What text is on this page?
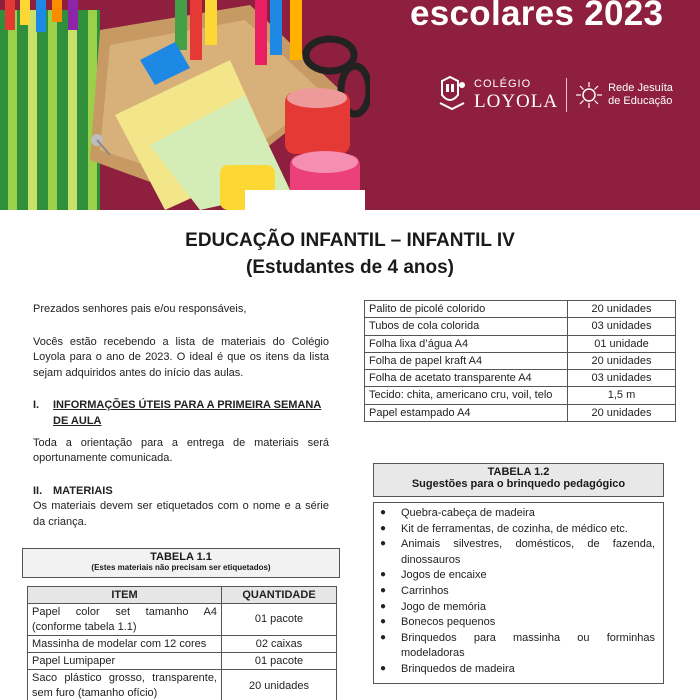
escolares 2023
COLÉGIO
LOYOLA
Rede Jesuíta
de Educação
EDUCAÇÃO INFANTIL – INFANTIL IV
(Estudantes de 4 anos)

Prezados senhores pais e/ou responsáveis,

Vocês estão recebendo a lista de materiais do Colégio Loyola para o ano de 2023. O ideal é que os itens da lista sejam adquiridos antes do início das aulas.

I.	INFORMAÇÕES ÚTEIS PARA A PRIMEIRA SEMANA DE AULA

Toda a orientação para a entrega de materiais será oportunamente comunicada.

II. MATERIAIS

Os materiais devem ser etiquetados com o nome e a série da criança.

TABELA 1.1
(Estes materiais não precisam ser etiquetados)
ITEM	QUANTIDADE
Papel color set tamanho A4 (conforme tabela 1.1)	01 pacote
Massinha de modelar com 12 cores	02 caixas
Papel Lumipaper	01 pacote
Saco plástico grosso, transparente, sem furo (tamanho ofício)	20 unidades
Palito de picolé colorido	20 unidades
Tubos de cola colorida	03 unidades
Folha lixa d’água A4	01 unidade
Folha de papel kraft A4	20 unidades
Folha de acetato transparente A4	03 unidades
Tecido: chita, americano cru, voil, telo	1,5 m
Papel estampado A4	20 unidades
TABELA 1.2
Sugestões para o brinquedo pedagógico
●	Quebra-cabeça de madeira
●	Kit de ferramentas, de cozinha, de médico etc.
●	Animais silvestres, domésticos, de fazenda, dinossauros
●	Jogos de encaixe
●	Carrinhos
●	Jogo de memória
●	Bonecos pequenos
●	Brinquedos para massinha ou forminhas modeladoras
●	Brinquedos de madeira
